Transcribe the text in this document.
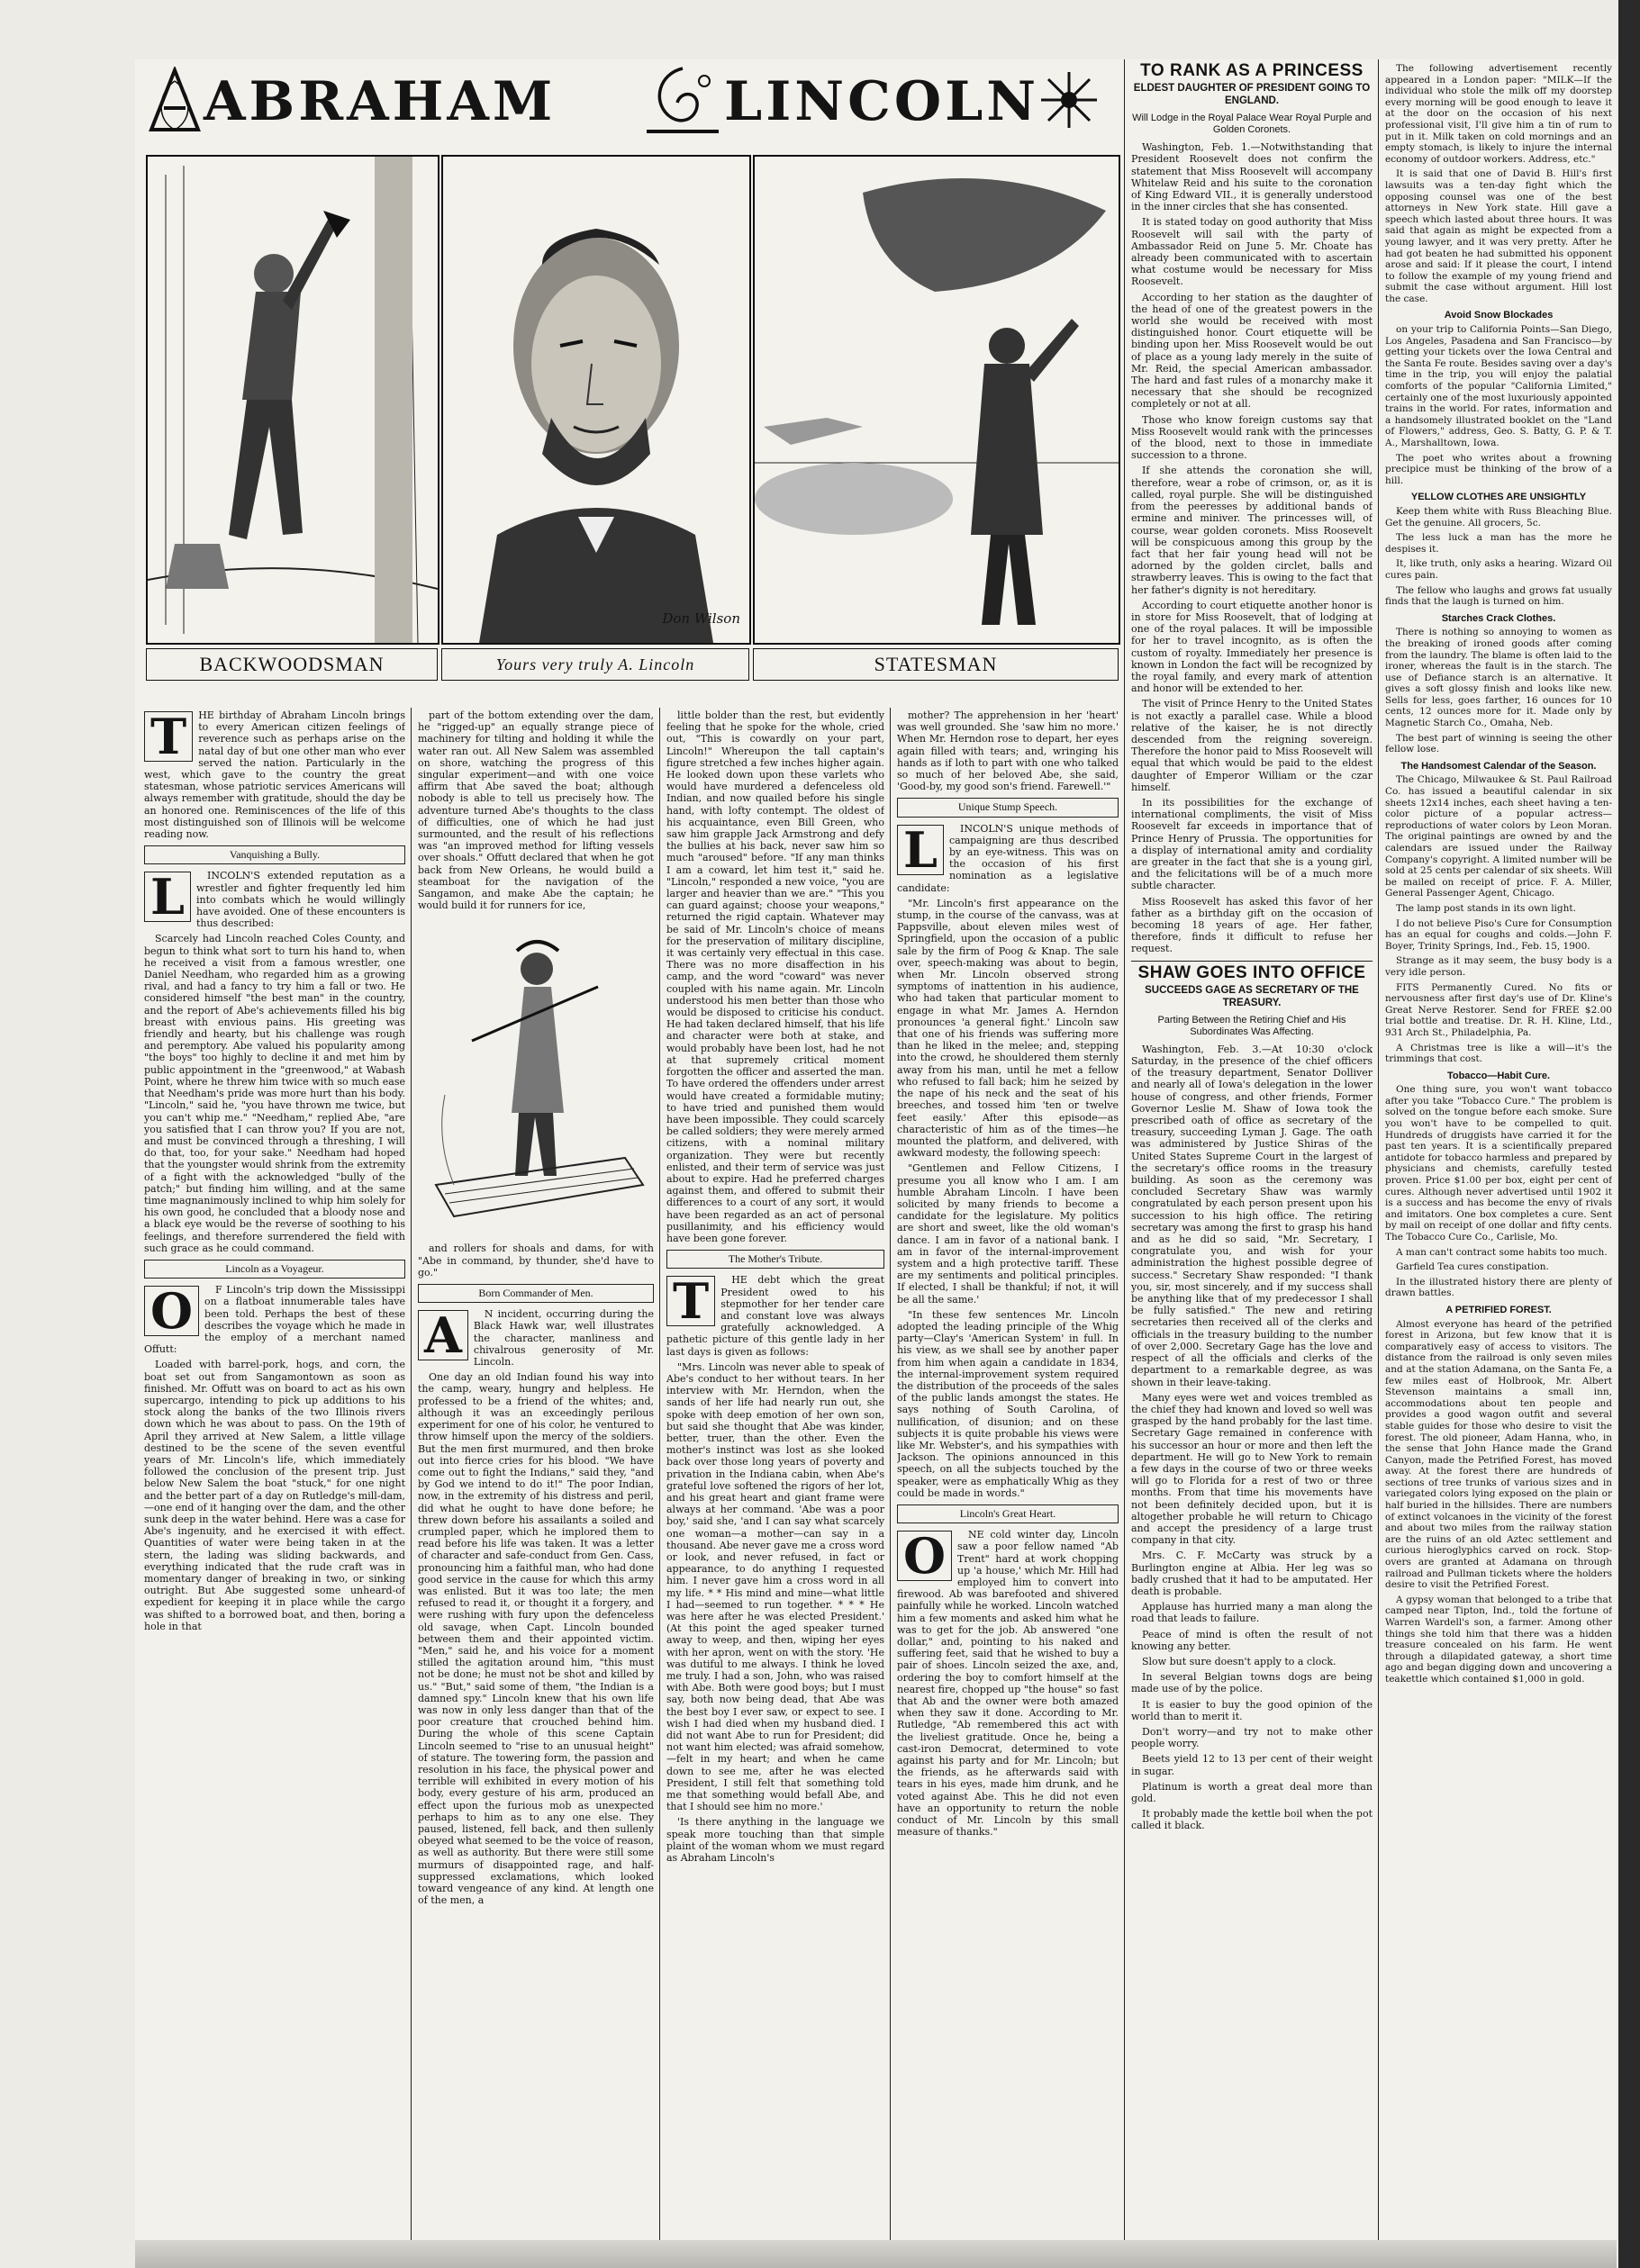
ABRAHAM	LINCOLN
BACKWOODSMAN
Don Wilson
Yours very truly A. Lincoln	STATESMAN
T	HE birthday of Abraham Lincoln brings to every American citizen feelings of reverence such as perhaps arise on the natal day of but one other man who ever served the nation. Particularly in the west, which gave to the country the great statesman, whose patriotic services Americans will always remember with gratitude, should the day be an honored one. Reminiscences of the life of this most distinguished son of Illinois will be welcome reading now.
Vanquishing a Bully.
L	INCOLN'S extended reputation as a wrestler and fighter frequently led him into combats which he would willingly have avoided. One of these encounters is thus described:

Scarcely had Lincoln reached Coles County, and begun to think what sort to turn his hand to, when he received a visit from a famous wrestler, one Daniel Needham, who regarded him as a growing rival, and had a fancy to try him a fall or two. He considered himself "the best man" in the country, and the report of Abe's achievements filled his big breast with envious pains. His greeting was friendly and hearty, but his challenge was rough and peremptory. Abe valued his popularity among "the boys" too highly to decline it and met him by public appointment in the "greenwood," at Wabash Point, where he threw him twice with so much ease that Needham's pride was more hurt than his body. "Lincoln," said he, "you have thrown me twice, but you can't whip me." "Needham," replied Abe, "are you satisfied that I can throw you? If you are not, and must be convinced through a threshing, I will do that, too, for your sake." Needham had hoped that the youngster would shrink from the extremity of a fight with the acknowledged "bully of the patch;" but finding him willing, and at the same time magnanimously inclined to whip him solely for his own good, he concluded that a bloody nose and a black eye would be the reverse of soothing to his feelings, and therefore surrendered the field with such grace as he could command.

Lincoln as a Voyageur.
O	F Lincoln's trip down the Mississippi on a flatboat innumerable tales have been told. Perhaps the best of these describes the voyage which he made in the employ of a merchant named Offutt:

Loaded with barrel-pork, hogs, and corn, the boat set out from Sangamontown as soon as finished. Mr. Offutt was on board to act as his own supercargo, intending to pick up additions to his stock along the banks of the two Illinois rivers down which he was about to pass. On the 19th of April they arrived at New Salem, a little village destined to be the scene of the seven eventful years of Mr. Lincoln's life, which immediately followed the conclusion of the present trip. Just below New Salem the boat "stuck," for one night and the better part of a day on Rutledge's mill-dam,—one end of it hanging over the dam, and the other sunk deep in the water behind. Here was a case for Abe's ingenuity, and he exercised it with effect. Quantities of water were being taken in at the stern, the lading was sliding backwards, and everything indicated that the rude craft was in momentary danger of breaking in two, or sinking outright. But Abe suggested some unheard-of expedient for keeping it in place while the cargo was shifted to a borrowed boat, and then, boring a hole in that

part of the bottom extending over the dam, he "rigged-up" an equally strange piece of machinery for tilting and holding it while the water ran out. All New Salem was assembled on shore, watching the progress of this singular experiment—and with one voice affirm that Abe saved the boat; although nobody is able to tell us precisely how. The adventure turned Abe's thoughts to the class of difficulties, one of which he had just surmounted, and the result of his reflections was "an improved method for lifting vessels over shoals." Offutt declared that when he got back from New Orleans, he would build a steamboat for the navigation of the Sangamon, and make Abe the captain; he would build it for runners for ice,

and rollers for shoals and dams, for with "Abe in command, by thunder, she'd have to go."

Born Commander of Men.
A	N incident, occurring during the Black Hawk war, well illustrates the character, manliness and chivalrous generosity of Mr. Lincoln.

One day an old Indian found his way into the camp, weary, hungry and helpless. He professed to be a friend of the whites; and, although it was an exceedingly perilous experiment for one of his color, he ventured to throw himself upon the mercy of the soldiers. But the men first murmured, and then broke out into fierce cries for his blood. "We have come out to fight the Indians," said they, "and by God we intend to do it!" The poor Indian, now, in the extremity of his distress and peril, did what he ought to have done before; he threw down before his assailants a soiled and crumpled paper, which he implored them to read before his life was taken. It was a letter of character and safe-conduct from Gen. Cass, pronouncing him a faithful man, who had done good service in the cause for which this army was enlisted. But it was too late; the men refused to read it, or thought it a forgery, and were rushing with fury upon the defenceless old savage, when Capt. Lincoln bounded between them and their appointed victim. "Men," said he, and his voice for a moment stilled the agitation around him, "this must not be done; he must not be shot and killed by us." "But," said some of them, "the Indian is a damned spy." Lincoln knew that his own life was now in only less danger than that of the poor creature that crouched behind him. During the whole of this scene Captain Lincoln seemed to "rise to an unusual height" of stature. The towering form, the passion and resolution in his face, the physical power and terrible will exhibited in every motion of his body, every gesture of his arm, produced an effect upon the furious mob as unexpected perhaps to him as to any one else. They paused, listened, fell back, and then sullenly obeyed what seemed to be the voice of reason, as well as authority. But there were still some murmurs of disappointed rage, and half-suppressed exclamations, which looked toward vengeance of any kind. At length one of the men, a

little bolder than the rest, but evidently feeling that he spoke for the whole, cried out, "This is cowardly on your part, Lincoln!" Whereupon the tall captain's figure stretched a few inches higher again. He looked down upon these varlets who would have murdered a defenceless old Indian, and now quailed before his single hand, with lofty contempt. The oldest of his acquaintance, even Bill Green, who saw him grapple Jack Armstrong and defy the bullies at his back, never saw him so much "aroused" before. "If any man thinks I am a coward, let him test it," said he. "Lincoln," responded a new voice, "you are larger and heavier than we are." "This you can guard against; choose your weapons," returned the rigid captain. Whatever may be said of Mr. Lincoln's choice of means for the preservation of military discipline, it was certainly very effectual in this case. There was no more disaffection in his camp, and the word "coward" was never coupled with his name again. Mr. Lincoln understood his men better than those who would be disposed to criticise his conduct. He had taken declared himself, that his life and character were both at stake, and would probably have been lost, had he not at that supremely critical moment forgotten the officer and asserted the man. To have ordered the offenders under arrest would have created a formidable mutiny; to have tried and punished them would have been impossible. They could scarcely be called soldiers; they were merely armed citizens, with a nominal military organization. They were but recently enlisted, and their term of service was just about to expire. Had he preferred charges against them, and offered to submit their differences to a court of any sort, it would have been regarded as an act of personal pusillanimity, and his efficiency would have been gone forever.

The Mother's Tribute.
T	HE debt which the great President owed to his stepmother for her tender care and constant love was always gratefully acknowledged. A pathetic picture of this gentle lady in her last days is given as follows:

"Mrs. Lincoln was never able to speak of Abe's conduct to her without tears. In her interview with Mr. Herndon, when the sands of her life had nearly run out, she spoke with deep emotion of her own son, but said she thought that Abe was kinder, better, truer, than the other. Even the mother's instinct was lost as she looked back over those long years of poverty and privation in the Indiana cabin, when Abe's grateful love softened the rigors of her lot, and his great heart and giant frame were always at her command. 'Abe was a poor boy,' said she, 'and I can say what scarcely one woman—a mother—can say in a thousand. Abe never gave me a cross word or look, and never refused, in fact or appearance, to do anything I requested him. I never gave him a cross word in all my life. * * His mind and mine—what little I had—seemed to run together. * * * He was here after he was elected President.' (At this point the aged speaker turned away to weep, and then, wiping her eyes with her apron, went on with the story. 'He was dutiful to me always. I think he loved me truly. I had a son, John, who was raised with Abe. Both were good boys; but I must say, both now being dead, that Abe was the best boy I ever saw, or expect to see. I wish I had died when my husband died. I did not want Abe to run for President; did not want him elected; was afraid somehow,—felt in my heart; and when he came down to see me, after he was elected President, I still felt that something told me that something would befall Abe, and that I should see him no more.'

'Is there anything in the language we speak more touching than that simple plaint of the woman whom we must regard as Abraham Lincoln's

mother? The apprehension in her 'heart' was well grounded. She 'saw him no more.' When Mr. Herndon rose to depart, her eyes again filled with tears; and, wringing his hands as if loth to part with one who talked so much of her beloved Abe, she said, 'Good-by, my good son's friend. Farewell.'"

Unique Stump Speech.
L	INCOLN'S unique methods of campaigning are thus described by an eye-witness. This was on the occasion of his first nomination as a legislative candidate:

"Mr. Lincoln's first appearance on the stump, in the course of the canvass, was at Pappsville, about eleven miles west of Springfield, upon the occasion of a public sale by the firm of Poog & Knap. The sale over, speech-making was about to begin, when Mr. Lincoln observed strong symptoms of inattention in his audience, who had taken that particular moment to engage in what Mr. James A. Herndon pronounces 'a general fight.' Lincoln saw that one of his friends was suffering more than he liked in the melee; and, stepping into the crowd, he shouldered them sternly away from his man, until he met a fellow who refused to fall back; him he seized by the nape of his neck and the seat of his breeches, and tossed him 'ten or twelve feet easily.' After this episode—as characteristic of him as of the times—he mounted the platform, and delivered, with awkward modesty, the following speech:

"Gentlemen and Fellow Citizens, I presume you all know who I am. I am humble Abraham Lincoln. I have been solicited by many friends to become a candidate for the legislature. My politics are short and sweet, like the old woman's dance. I am in favor of a national bank. I am in favor of the internal-improvement system and a high protective tariff. These are my sentiments and political principles. If elected, I shall be thankful; if not, it will be all the same.'

"In these few sentences Mr. Lincoln adopted the leading principle of the Whig party—Clay's 'American System' in full. In his view, as we shall see by another paper from him when again a candidate in 1834, the internal-improvement system required the distribution of the proceeds of the sales of the public lands amongst the states. He says nothing of South Carolina, of nullification, of disunion; and on these subjects it is quite probable his views were like Mr. Webster's, and his sympathies with Jackson. The opinions announced in this speech, on all the subjects touched by the speaker, were as emphatically Whig as they could be made in words."

Lincoln's Great Heart.
O	NE cold winter day, Lincoln saw a poor fellow named "Ab Trent" hard at work chopping up 'a house,' which Mr. Hill had employed him to convert into firewood. Ab was barefooted and shivered painfully while he worked. Lincoln watched him a few moments and asked him what he was to get for the job. Ab answered "one dollar," and, pointing to his naked and suffering feet, said that he wished to buy a pair of shoes. Lincoln seized the axe, and, ordering the boy to comfort himself at the nearest fire, chopped up "the house" so fast that Ab and the owner were both amazed when they saw it done. According to Mr. Rutledge, "Ab remembered this act with the liveliest gratitude. Once he, being a cast-iron Democrat, determined to vote against his party and for Mr. Lincoln; but the friends, as he afterwards said with tears in his eyes, made him drunk, and he voted against Abe. This he did not even have an opportunity to return the noble conduct of Mr. Lincoln by this small measure of thanks."

TO RANK AS A PRINCESS
ELDEST DAUGHTER OF PRESIDENT GOING TO ENGLAND.
Will Lodge in the Royal Palace Wear Royal Purple and Golden Coronets.

Washington, Feb. 1.—Notwithstanding that President Roosevelt does not confirm the statement that Miss Roosevelt will accompany Whitelaw Reid and his suite to the coronation of King Edward VII., it is generally understood in the inner circles that she has consented.

It is stated today on good authority that Miss Roosevelt will sail with the party of Ambassador Reid on June 5. Mr. Choate has already been communicated with to ascertain what costume would be necessary for Miss Roosevelt.

According to her station as the daughter of the head of one of the greatest powers in the world she would be received with most distinguished honor. Court etiquette will be binding upon her. Miss Roosevelt would be out of place as a young lady merely in the suite of Mr. Reid, the special American ambassador. The hard and fast rules of a monarchy make it necessary that she should be recognized completely or not at all.

Those who know foreign customs say that Miss Roosevelt would rank with the princesses of the blood, next to those in immediate succession to a throne.

If she attends the coronation she will, therefore, wear a robe of crimson, or, as it is called, royal purple. She will be distinguished from the peeresses by additional bands of ermine and miniver. The princesses will, of course, wear golden coronets. Miss Roosevelt will be conspicuous among this group by the fact that her fair young head will not be adorned by the golden circlet, balls and strawberry leaves. This is owing to the fact that her father's dignity is not hereditary.

According to court etiquette another honor is in store for Miss Roosevelt, that of lodging at one of the royal palaces. It will be impossible for her to travel incognito, as is often the custom of royalty. Immediately her presence is known in London the fact will be recognized by the royal family, and every mark of attention and honor will be extended to her.

The visit of Prince Henry to the United States is not exactly a parallel case. While a blood relative of the kaiser, he is not directly descended from the reigning sovereign. Therefore the honor paid to Miss Roosevelt will equal that which would be paid to the eldest daughter of Emperor William or the czar himself.

In its possibilities for the exchange of international compliments, the visit of Miss Roosevelt far exceeds in importance that of Prince Henry of Prussia. The opportunities for a display of international amity and cordiality are greater in the fact that she is a young girl, and the felicitations will be of a much more subtle character.

Miss Roosevelt has asked this favor of her father as a birthday gift on the occasion of becoming 18 years of age. Her father, therefore, finds it difficult to refuse her request.

SHAW GOES INTO OFFICE
SUCCEEDS GAGE AS SECRETARY OF THE TREASURY.
Parting Between the Retiring Chief and His Subordinates Was Affecting.

Washington, Feb. 3.—At 10:30 o'clock Saturday, in the presence of the chief officers of the treasury department, Senator Dolliver and nearly all of Iowa's delegation in the lower house of congress, and other friends, Former Governor Leslie M. Shaw of Iowa took the prescribed oath of office as secretary of the treasury, succeeding Lyman J. Gage. The oath was administered by Justice Shiras of the United States Supreme Court in the largest of the secretary's office rooms in the treasury building. As soon as the ceremony was concluded Secretary Shaw was warmly congratulated by each person present upon his succession to his high office. The retiring secretary was among the first to grasp his hand and as he did so said, "Mr. Secretary, I congratulate you, and wish for your administration the highest possible degree of success." Secretary Shaw responded: "I thank you, sir, most sincerely, and if my success shall be anything like that of my predecessor I shall be fully satisfied." The new and retiring secretaries then received all of the clerks and officials in the treasury building to the number of over 2,000. Secretary Gage has the love and respect of all the officials and clerks of the department to a remarkable degree, as was shown in their leave-taking.

Many eyes were wet and voices trembled as the chief they had known and loved so well was grasped by the hand probably for the last time. Secretary Gage remained in conference with his successor an hour or more and then left the department. He will go to New York to remain a few days in the course of two or three weeks will go to Florida for a rest of two or three months. From that time his movements have not been definitely decided upon, but it is altogether probable he will return to Chicago and accept the presidency of a large trust company in that city.

Mrs. C. F. McCarty was struck by a Burlington engine at Albia. Her leg was so badly crushed that it had to be amputated. Her death is probable.

Applause has hurried many a man along the road that leads to failure.

Peace of mind is often the result of not knowing any better.

Slow but sure doesn't apply to a clock.

In several Belgian towns dogs are being made use of by the police.

It is easier to buy the good opinion of the world than to merit it.

Don't worry—and try not to make other people worry.

Beets yield 12 to 13 per cent of their weight in sugar.

Platinum is worth a great deal more than gold.

It probably made the kettle boil when the pot called it black.

The following advertisement recently appeared in a London paper: "MILK—If the individual who stole the milk off my doorstep every morning will be good enough to leave it at the door on the occasion of his next professional visit, I'll give him a tin of rum to put in it. Milk taken on cold mornings and an empty stomach, is likely to injure the internal economy of outdoor workers. Address, etc."

It is said that one of David B. Hill's first lawsuits was a ten-day fight which the opposing counsel was one of the best attorneys in New York state. Hill gave a speech which lasted about three hours. It was said that again as might be expected from a young lawyer, and it was very pretty. After he had got beaten he had submitted his opponent arose and said: If it please the court, I intend to follow the example of my young friend and submit the case without argument. Hill lost the case.

Avoid Snow Blockades

on your trip to California Points—San Diego, Los Angeles, Pasadena and San Francisco—by getting your tickets over the Iowa Central and the Santa Fe route. Besides saving over a day's time in the trip, you will enjoy the palatial comforts of the popular "California Limited," certainly one of the most luxuriously appointed trains in the world. For rates, information and a handsomely illustrated booklet on the "Land of Flowers," address, Geo. S. Batty, G. P. & T. A., Marshalltown, Iowa.

The poet who writes about a frowning precipice must be thinking of the brow of a hill.

YELLOW CLOTHES ARE UNSIGHTLY

Keep them white with Russ Bleaching Blue. Get the genuine. All grocers, 5c.

The less luck a man has the more he despises it.

It, like truth, only asks a hearing. Wizard Oil cures pain.

The fellow who laughs and grows fat usually finds that the laugh is turned on him.

Starches Crack Clothes.

There is nothing so annoying to women as the breaking of ironed goods after coming from the laundry. The blame is often laid to the ironer, whereas the fault is in the starch. The use of Defiance starch is an alternative. It gives a soft glossy finish and looks like new. Sells for less, goes farther, 16 ounces for 10 cents, 12 ounces more for it. Made only by Magnetic Starch Co., Omaha, Neb.

The best part of winning is seeing the other fellow lose.

The Handsomest Calendar of the Season.

The Chicago, Milwaukee & St. Paul Railroad Co. has issued a beautiful calendar in six sheets 12x14 inches, each sheet having a ten-color picture of a popular actress—reproductions of water colors by Leon Moran. The original paintings are owned by and the calendars are issued under the Railway Company's copyright. A limited number will be sold at 25 cents per calendar of six sheets. Will be mailed on receipt of price. F. A. Miller, General Passenger Agent, Chicago.

The lamp post stands in its own light.

I do not believe Piso's Cure for Consumption has an equal for coughs and colds.—John F. Boyer, Trinity Springs, Ind., Feb. 15, 1900.

Strange as it may seem, the busy body is a very idle person.

FITS Permanently Cured. No fits or nervousness after first day's use of Dr. Kline's Great Nerve Restorer. Send for FREE $2.00 trial bottle and treatise. Dr. R. H. Kline, Ltd., 931 Arch St., Philadelphia, Pa.

A Christmas tree is like a will—it's the trimmings that cost.

Tobacco—Habit Cure.

One thing sure, you won't want tobacco after you take "Tobacco Cure." The problem is solved on the tongue before each smoke. Sure you won't have to be compelled to quit. Hundreds of druggists have carried it for the past ten years. It is a scientifically prepared antidote for tobacco harmless and prepared by physicians and chemists, carefully tested proven. Price $1.00 per box, eight per cent of cures. Although never advertised until 1902 it is a success and has become the envy of rivals and imitators. One box completes a cure. Sent by mail on receipt of one dollar and fifty cents. The Tobacco Cure Co., Carlisle, Mo.

A man can't contract some habits too much.

Garfield Tea cures constipation.

In the illustrated history there are plenty of drawn battles.

A PETRIFIED FOREST.

Almost everyone has heard of the petrified forest in Arizona, but few know that it is comparatively easy of access to visitors. The distance from the railroad is only seven miles and at the station Adamana, on the Santa Fe, a few miles east of Holbrook, Mr. Albert Stevenson maintains a small inn, accommodations about ten people and provides a good wagon outfit and several stable guides for those who desire to visit the forest. The old pioneer, Adam Hanna, who, in the sense that John Hance made the Grand Canyon, made the Petrified Forest, has moved away. At the forest there are hundreds of sections of tree trunks of various sizes and in variegated colors lying exposed on the plain or half buried in the hillsides. There are numbers of extinct volcanoes in the vicinity of the forest and about two miles from the railway station are the ruins of an old Aztec settlement and curious hieroglyphics carved on rock. Stop-overs are granted at Adamana on through railroad and Pullman tickets where the holders desire to visit the Petrified Forest.

A gypsy woman that belonged to a tribe that camped near Tipton, Ind., told the fortune of Warren Wardell's son, a farmer. Among other things she told him that there was a hidden treasure concealed on his farm. He went through a dilapidated gateway, a short time ago and began digging down and uncovering a teakettle which contained $1,000 in gold.
